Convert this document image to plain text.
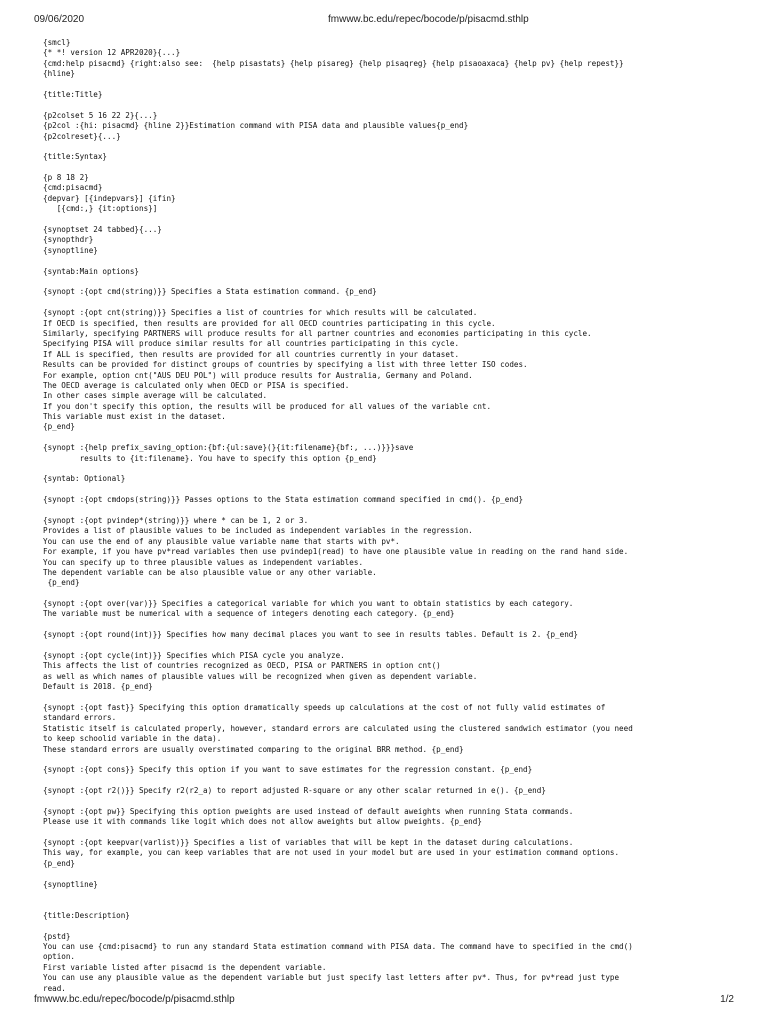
09/06/2020	fmwww.bc.edu/repec/bocode/p/pisacmd.sthlp
{smcl}
{* *! version 12 APR2020}{...}
{cmd:help pisacmd} {right:also see:  {help pisastats} {help pisareg} {help pisaqreg} {help pisaoaxaca} {help pv} {help repest}}
{hline}
{title:Title}
{p2colset 5 16 22 2}{...}
{p2col :{hi: pisacmd} {hline 2}}Estimation command with PISA data and plausible values{p_end}
{p2colreset}{...}
{title:Syntax}
{p 8 18 2}
{cmd:pisacmd}
{depvar} [{indepvars}] {ifin}
[{cmd:,} {it:options}]
{synoptset 24 tabbed}{...}
{synopthdr}
{synoptline}
{syntab:Main options}
{synopt :{opt cmd(string)}} Specifies a Stata estimation command. {p_end}
{synopt :{opt cnt(string)}} Specifies a list of countries for which results will be calculated.
If OECD is specified, then results are provided for all OECD countries participating in this cycle.
Similarly, specifying PARTNERS will produce results for all partner countries and economies participating in this cycle.
Specifying PISA will produce similar results for all countries participating in this cycle.
If ALL is specified, then results are provided for all countries currently in your dataset.
Results can be provided for distinct groups of countries by specifying a list with three letter ISO codes.
For example, option cnt("AUS DEU POL") will produce results for Australia, Germany and Poland.
The OECD average is calculated only when OECD or PISA is specified.
In other cases simple average will be calculated.
If you don't specify this option, the results will be produced for all values of the variable cnt.
This variable must exist in the dataset.
{p_end}
{synopt :{help prefix_saving_option:{bf:{ul:save}(}{it:filename}{bf:, ...)}}}save
results to {it:filename}. You have to specify this option {p_end}
{syntab: Optional}
{synopt :{opt cmdops(string)}} Passes options to the Stata estimation command specified in cmd(). {p_end}
{synopt :{opt pvindep*(string)}} where * can be 1, 2 or 3.
Provides a list of plausible values to be included as independent variables in the regression.
You can use the end of any plausible value variable name that starts with pv*.
For example, if you have pv*read variables then use pvindep1(read) to have one plausible value in reading on the rand hand side.
You can specify up to three plausible values as independent variables.
The dependent variable can be also plausible value or any other variable.
{p_end}
{synopt :{opt over(var)}} Specifies a categorical variable for which you want to obtain statistics by each category.
The variable must be numerical with a sequence of integers denoting each category. {p_end}
{synopt :{opt round(int)}} Specifies how many decimal places you want to see in results tables. Default is 2. {p_end}
{synopt :{opt cycle(int)}} Specifies which PISA cycle you analyze.
This affects the list of countries recognized as OECD, PISA or PARTNERS in option cnt()
as well as which names of plausible values will be recognized when given as dependent variable.
Default is 2018. {p_end}
{synopt :{opt fast}} Specifying this option dramatically speeds up calculations at the cost of not fully valid estimates of
standard errors.
Statistic itself is calculated properly, however, standard errors are calculated using the clustered sandwich estimator (you need
to keep schoolid variable in the data).
These standard errors are usually overstimated comparing to the original BRR method. {p_end}
{synopt :{opt cons}} Specify this option if you want to save estimates for the regression constant. {p_end}
{synopt :{opt r2()}} Specify r2(r2_a) to report adjusted R-square or any other scalar returned in e(). {p_end}
{synopt :{opt pw}} Specifying this option pweights are used instead of default aweights when running Stata commands.
Please use it with commands like logit which does not allow aweights but allow pweights. {p_end}
{synopt :{opt keepvar(varlist)}} Specifies a list of variables that will be kept in the dataset during calculations.
This way, for example, you can keep variables that are not used in your model but are used in your estimation command options.
{p_end}
{synoptline}
{title:Description}
{pstd}
You can use {cmd:pisacmd} to run any standard Stata estimation command with PISA data. The command have to specified in the cmd()
option.
First variable listed after pisacmd is the dependent variable.
You can use any plausible value as the dependent variable but just specify last letters after pv*. Thus, for pv*read just type
read.
fmwww.bc.edu/repec/bocode/p/pisacmd.sthlp	1/2
